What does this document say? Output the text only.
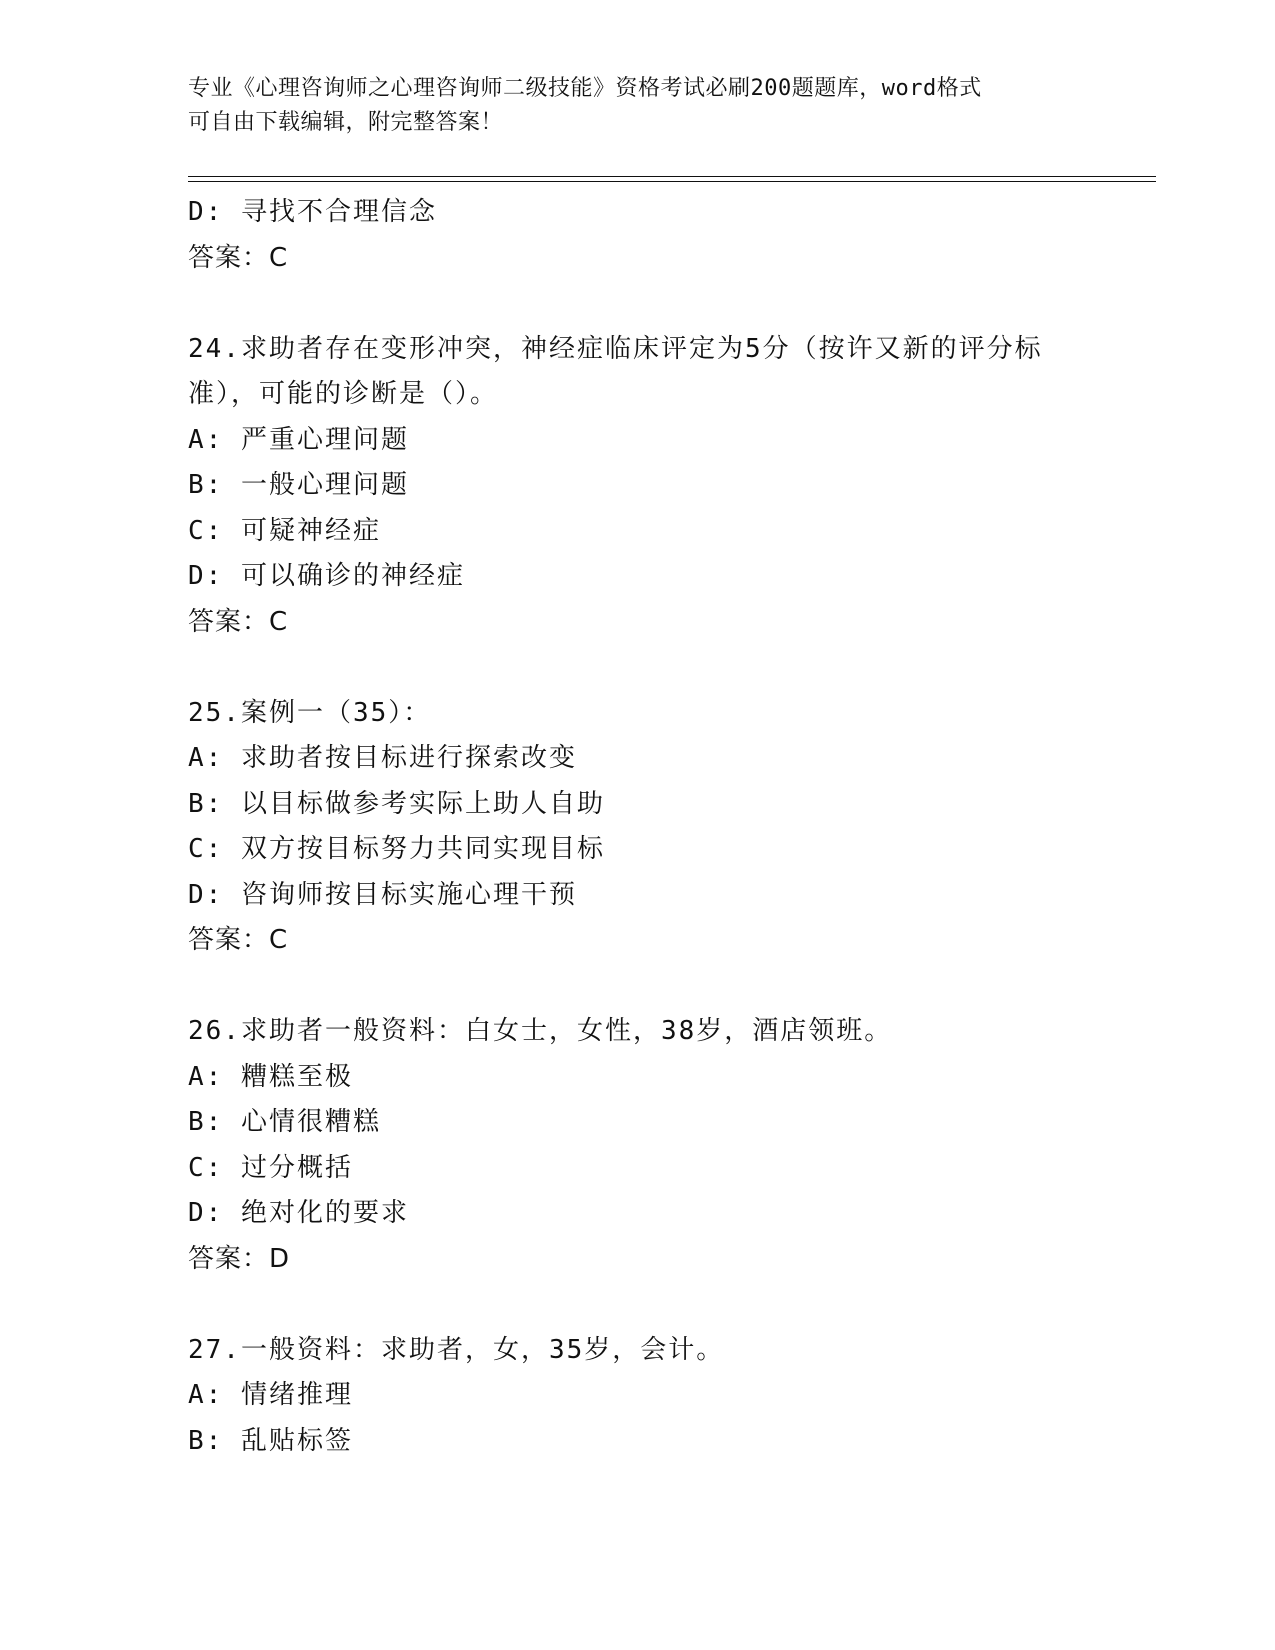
专业《心理咨询师之心理咨询师二级技能》资格考试必刷200题题库，word格式
可自由下载编辑，附完整答案！
D: 寻找不合理信念
答案：C
24.求助者存在变形冲突，神经症临床评定为5分（按许又新的评分标准），可能的诊断是（）。
A: 严重心理问题
B: 一般心理问题
C: 可疑神经症
D: 可以确诊的神经症
答案：C
25.案例一（35）：
A: 求助者按目标进行探索改变
B: 以目标做参考实际上助人自助
C: 双方按目标努力共同实现目标
D: 咨询师按目标实施心理干预
答案：C
26.求助者一般资料：白女士，女性，38岁，酒店领班。
A: 糟糕至极
B: 心情很糟糕
C: 过分概括
D: 绝对化的要求
答案：D
27.一般资料：求助者，女，35岁，会计。
A: 情绪推理
B: 乱贴标签
